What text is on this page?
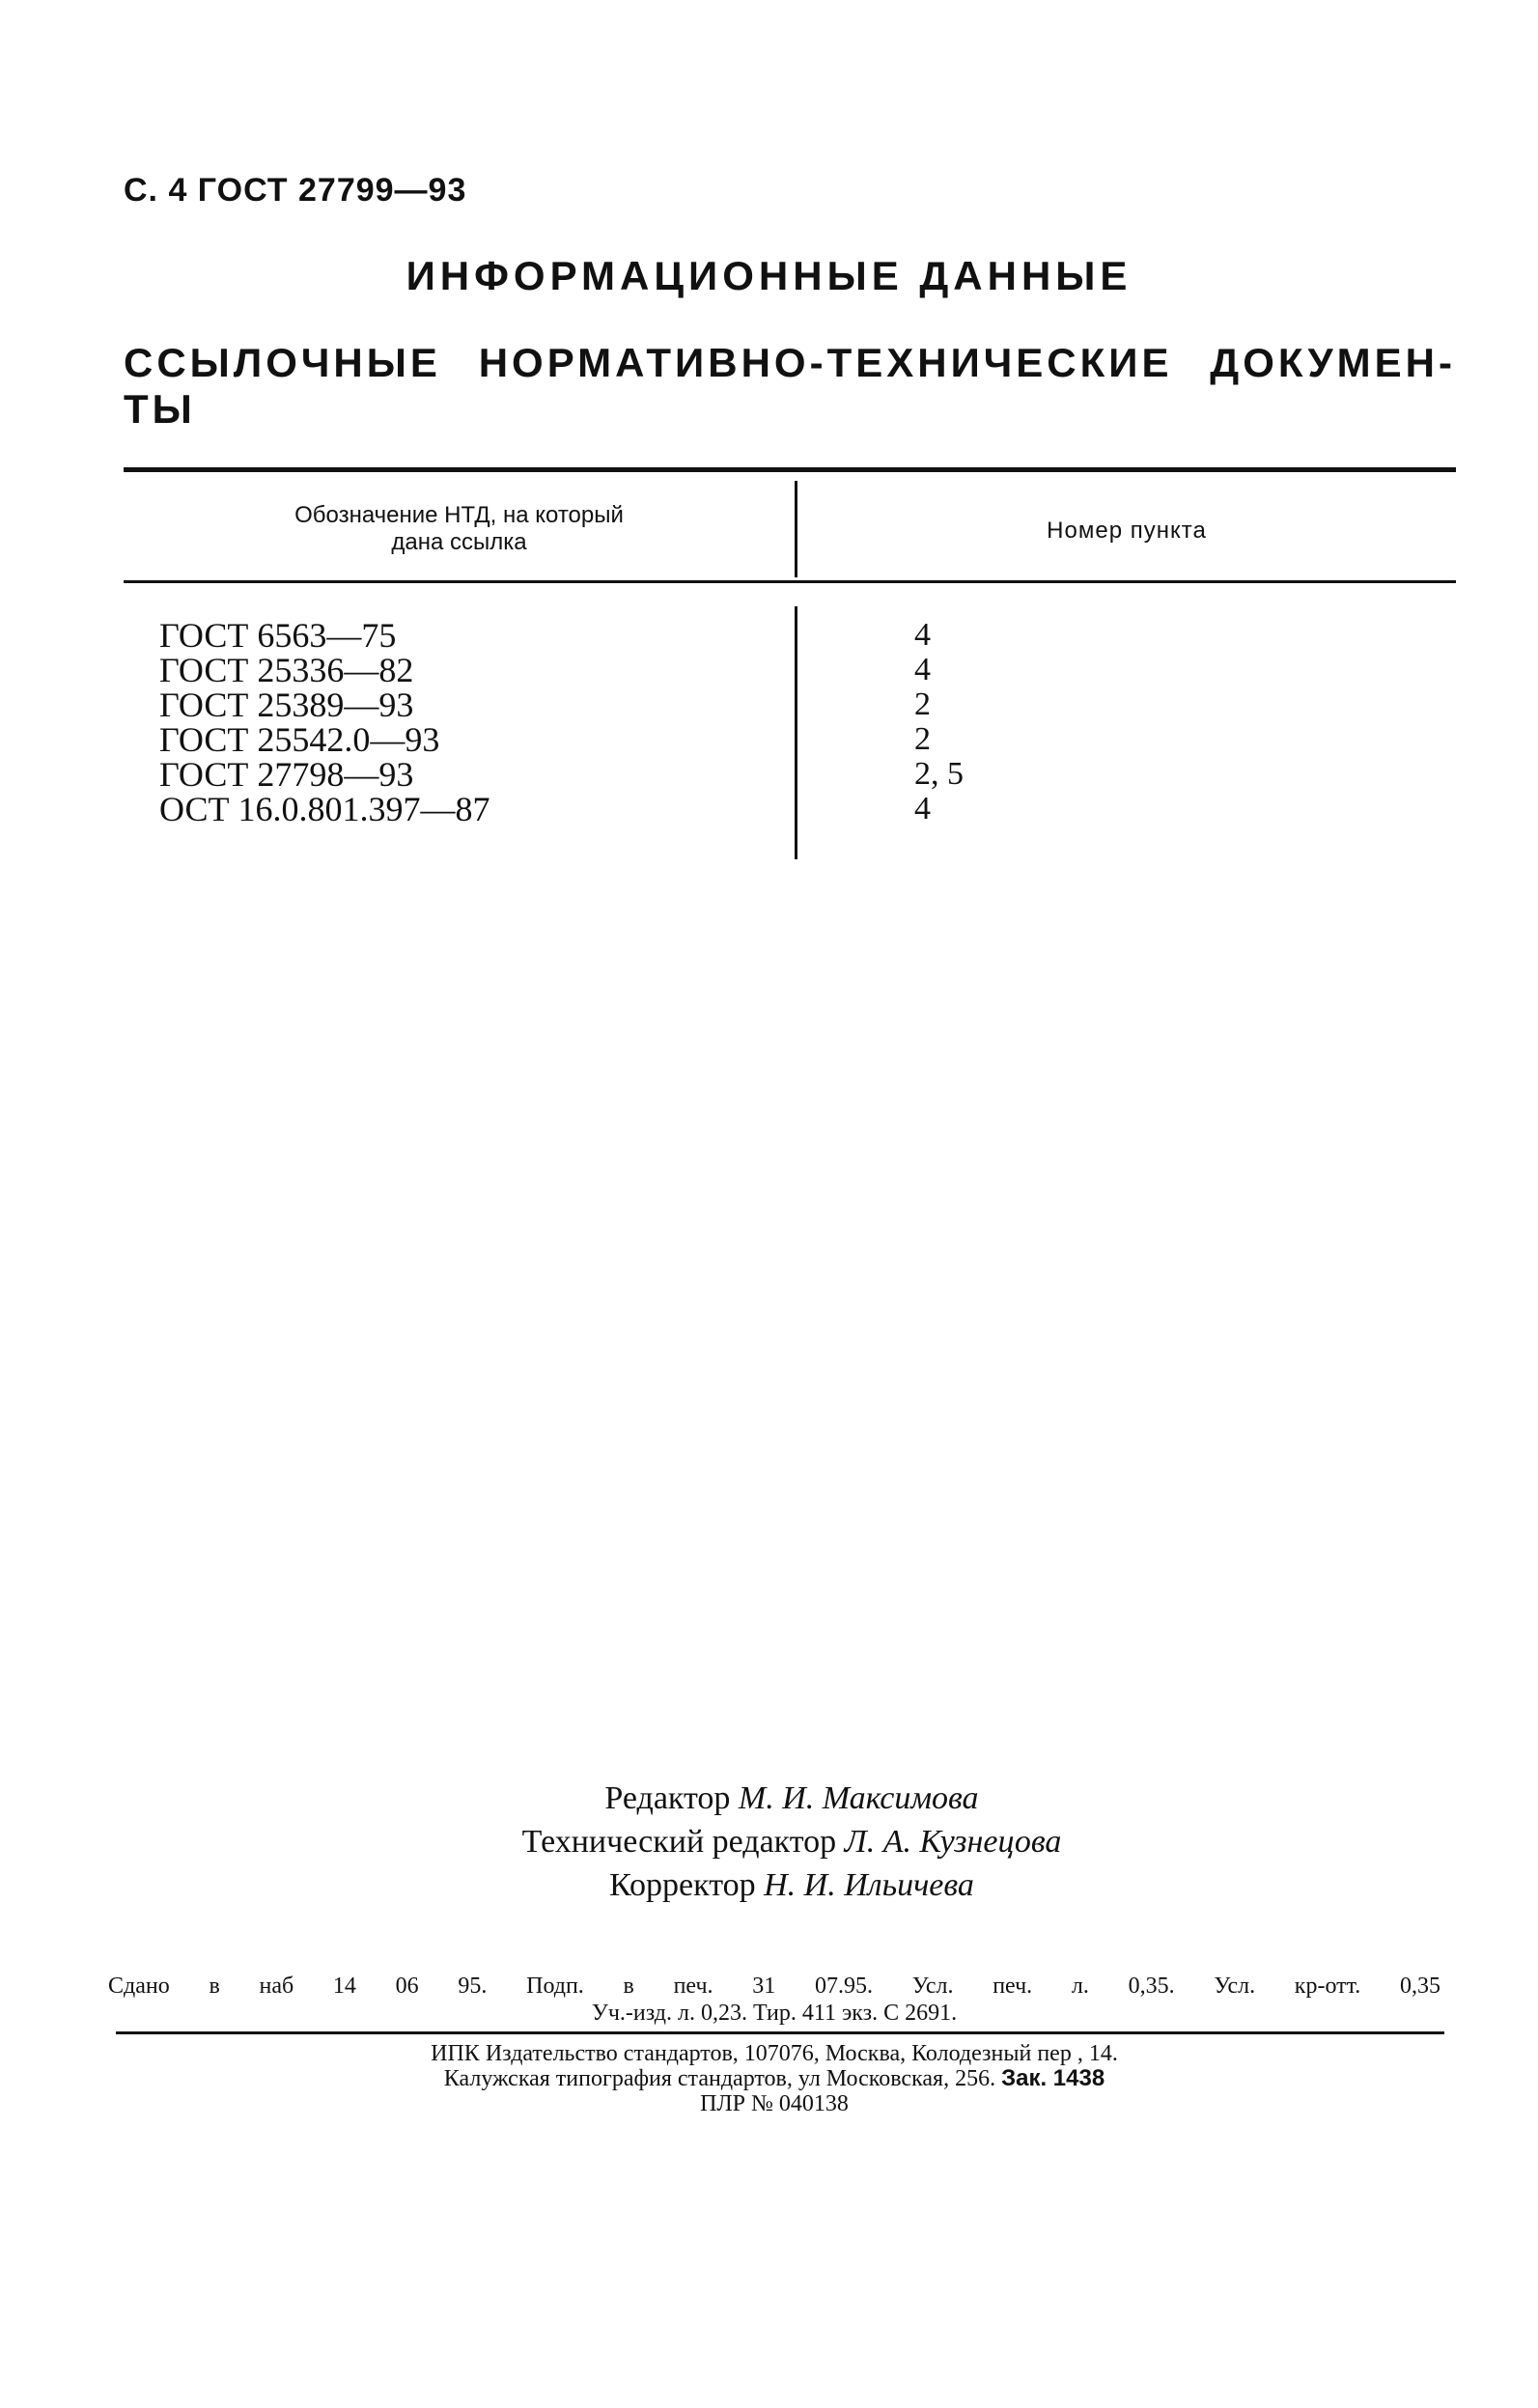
С. 4 ГОСТ 27799—93
ИНФОРМАЦИОННЫЕ ДАННЫЕ
ССЫЛОЧНЫЕ НОРМАТИВНО-ТЕХНИЧЕСКИЕ ДОКУМЕН-
ТЫ
Обозначение НТД, на который
дана ссылка	Номер пункта
ГОСТ 6563—75
ГОСТ 25336—82
ГОСТ 25389—93
ГОСТ 25542.0—93
ГОСТ 27798—93
ОСТ 16.0.801.397—87
4
4
2
2
2, 5
4
Редактор М. И. Максимова
Технический редактор Л. А. Кузнецова
Корректор Н. И. Ильичева
Сдано в наб 14 06 95. Подп. в печ. 31 07.95. Усл. печ. л. 0,35. Усл. кр-отт. 0,35
Уч.-изд. л. 0,23. Тир. 411 экз. С 2691.
ИПК Издательство стандартов, 107076, Москва, Колодезный пер , 14.
Калужская типография стандартов, ул Московская, 256. Зак. 1438
ПЛР № 040138
